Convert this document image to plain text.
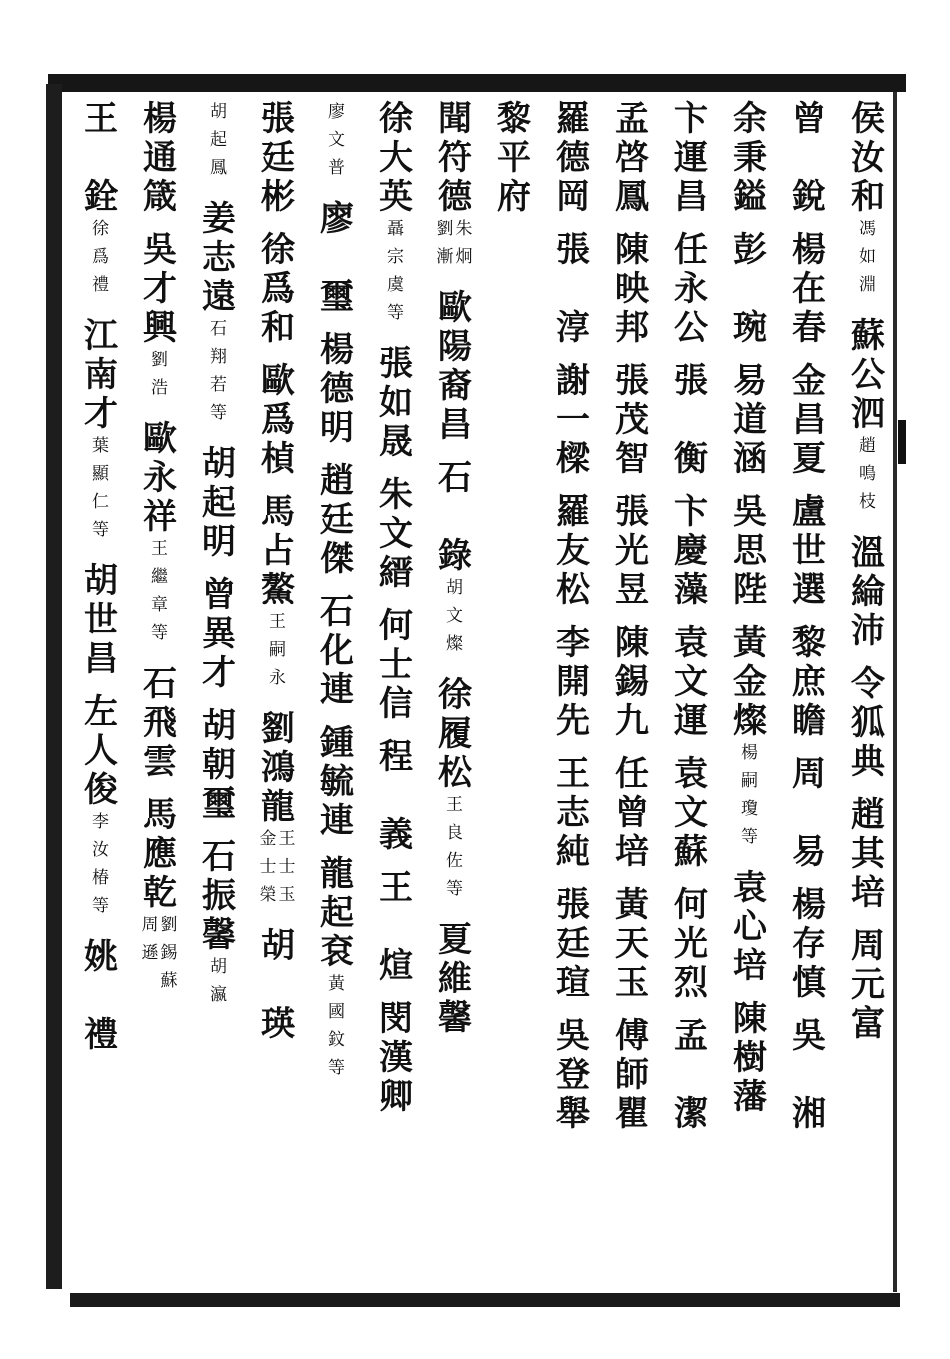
侯汝和
馮如淵
蘇公泗
趙鳴枝
溫綸沛
令狐典
趙其培
周元富
曾　銳
楊在春
金昌夏
盧世選
黎庶瞻
周　易
楊存慎
吳　湘
余秉鎰
彭　琬
易道涵
吳思陛
黃金燦
楊嗣瓊等
袁心培
陳樹藩
卞運昌
任永公
張　衡
卞慶藻
袁文運
袁文蘇
何光烈
孟　潔
孟啓鳳
陳映邦
張茂智
張光昱
陳錫九
任曾培
黃天玉
傅師瞿
羅德岡
張　淳
謝一樑
羅友松
李開先
王志純
張廷瑄
吳登舉
黎平府
聞符德
朱炯
劉漸
歐陽裔昌
石　錄
胡文燦
徐履松
王良佐等
夏維馨
徐大英
聶宗虞等
張如晟
朱文縉
何士信
程　義
王　煊
閔漢卿
廖文普
廖　璽
楊德明
趙廷傑
石化連
鍾毓連
龍起袞
黃國鈫等
張廷彬
徐爲和
歐爲楨
馬占鰲
王嗣永
劉鴻龍
王士玉
金士榮
胡　瑛
胡起鳳
姜志遠
石翔若等
胡起明
曾異才
胡朝璽
石振馨
胡瀛
楊通箴
吳才興
劉浩
歐永祥
王繼章等
石飛雲
馬應乾
劉錫蘇
周遜
王　銓
徐爲禮
江南才
葉顯仁等
胡世昌
左人俊
李汝椿等
姚　禮
